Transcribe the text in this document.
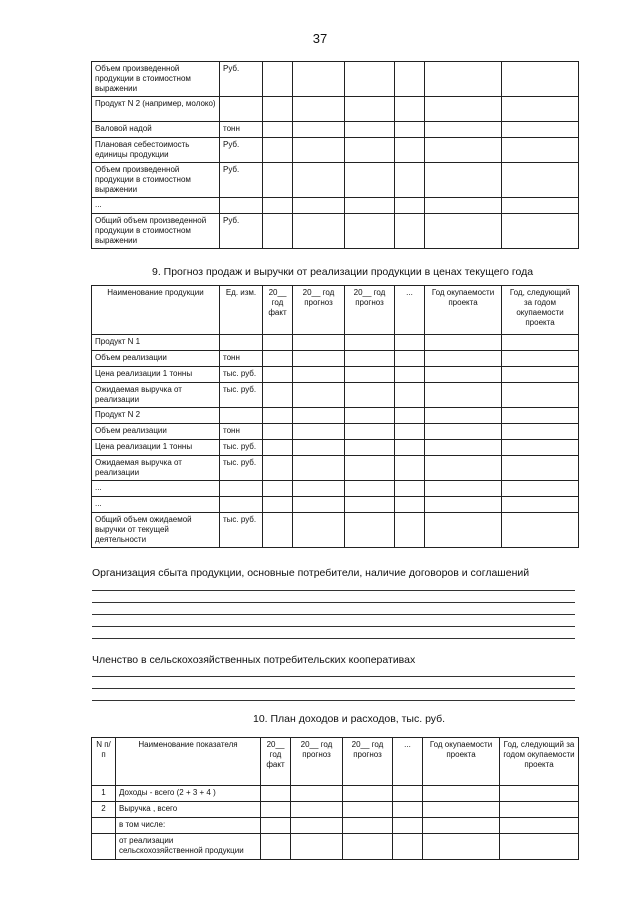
37
Объем произведенной продукции в стоимостном выражении	Руб.						
Продукт N 2 (например, молоко)							
Валовой надой	тонн						
Плановая себестоимость единицы продукции	Руб.						
Объем произведенной продукции в стоимостном выражении	Руб.						
...							
Общий объем произведенной продукции в стоимостном выражении	Руб.						
9. Прогноз продаж и выручки от реализации продукции в ценах текущего года
Наименование продукции	Ед. изм.	20__ год факт	20__ год прогноз	20__ год прогноз	...	Год окупаемости проекта	Год, следующий за годом окупаемости проекта
Продукт N 1							
Объем реализации	тонн						
Цена реализации 1 тонны	тыс. руб.						
Ожидаемая выручка от реализации	тыс. руб.						
Продукт N 2							
Объем реализации	тонн						
Цена реализации 1 тонны	тыс. руб.						
Ожидаемая выручка от реализации	тыс. руб.						
...							
...							
Общий объем ожидаемой выручки от текущей деятельности	тыс. руб.						
Организация сбыта продукции, основные потребители, наличие договоров и соглашений
Членство в сельскохозяйственных потребительских кооперативах
10. План доходов и расходов, тыс. руб.
N п/п	Наименование показателя	20__ год факт	20__ год прогноз	20__ год прогноз	...	Год окупаемости проекта	Год, следующий за годом окупаемости проекта
1	Доходы - всего (2 + 3 + 4 )						
2	Выручка , всего						
	в том числе:						
	от реализации сельскохозяйственной продукции						
